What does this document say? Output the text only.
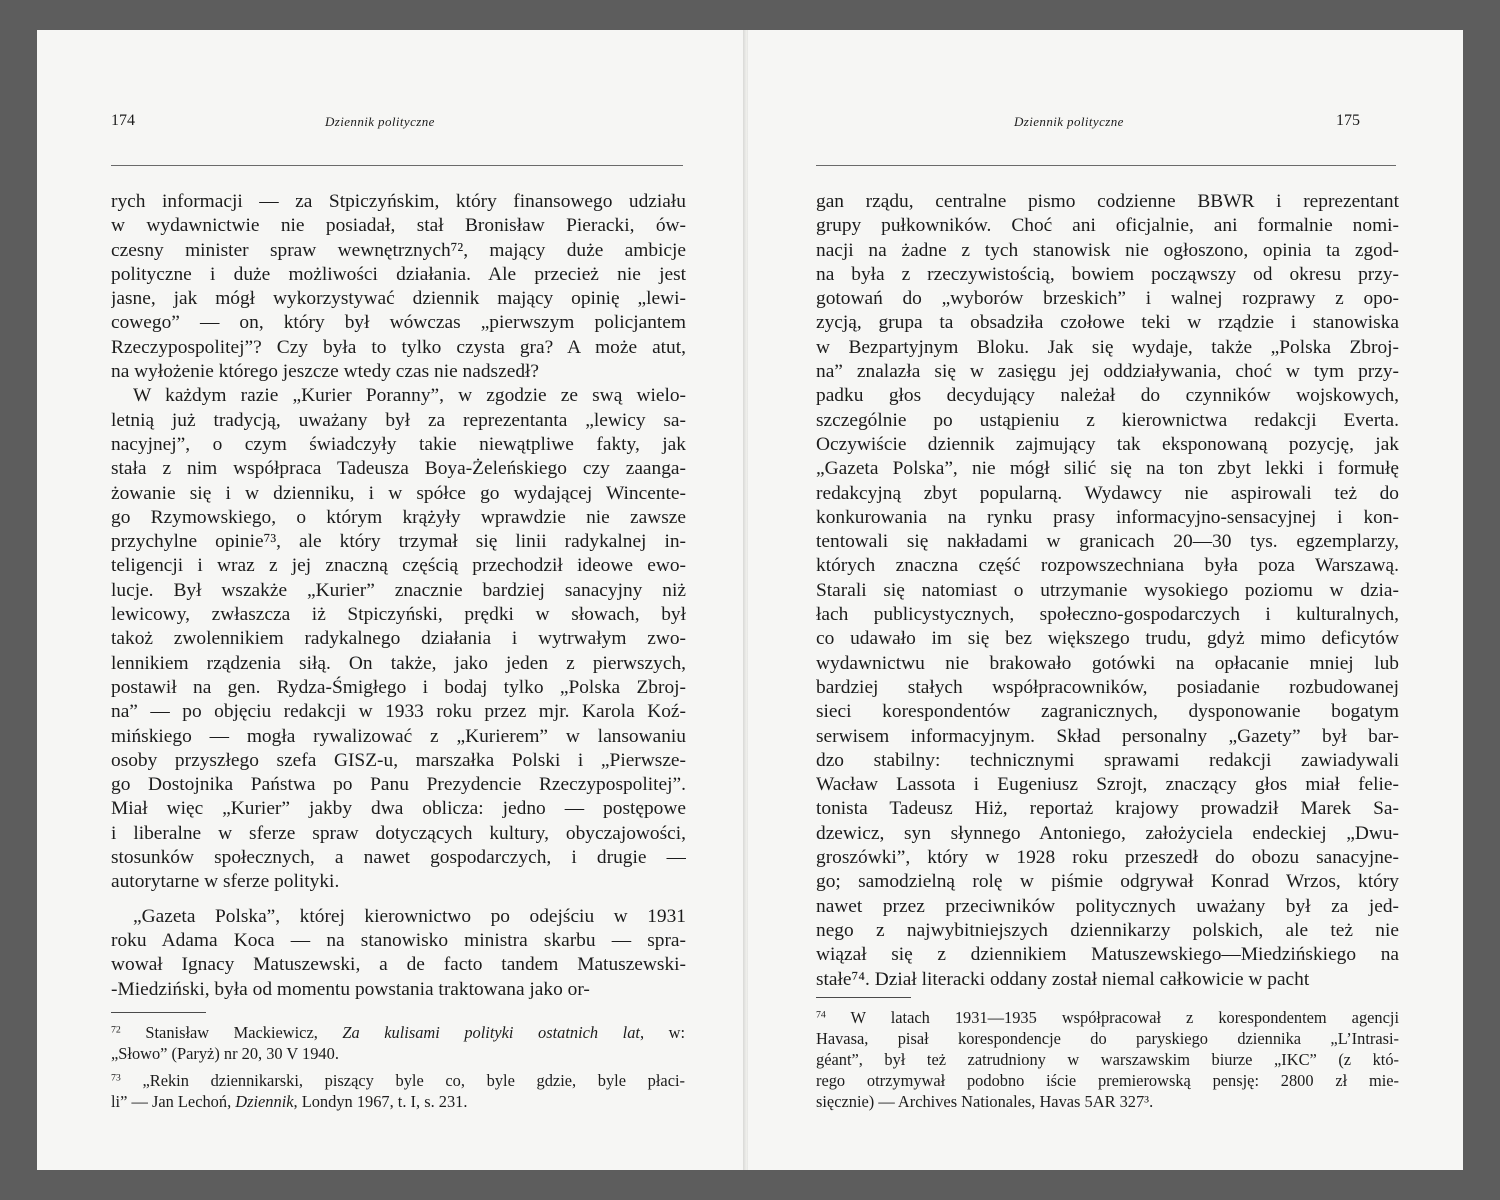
174	Dziennik polityczne
rych informacji — za Stpiczyńskim, który finansowego udziału
w wydawnictwie nie posiadał, stał Bronisław Pieracki, ów-
czesny minister spraw wewnętrznych⁷², mający duże ambicje
polityczne i duże możliwości działania. Ale przecież nie jest
jasne, jak mógł wykorzystywać dziennik mający opinię „lewi-
cowego” — on, który był wówczas „pierwszym policjantem
Rzeczypospolitej”? Czy była to tylko czysta gra? A może atut,
na wyłożenie którego jeszcze wtedy czas nie nadszedł?
W każdym razie „Kurier Poranny”, w zgodzie ze swą wielo-
letnią już tradycją, uważany był za reprezentanta „lewicy sa-
nacyjnej”, o czym świadczyły takie niewątpliwe fakty, jak
stała z nim współpraca Tadeusza Boya-Żeleńskiego czy zaanga-
żowanie się i w dzienniku, i w spółce go wydającej Wincente-
go Rzymowskiego, o którym krążyły wprawdzie nie zawsze
przychylne opinie⁷³, ale który trzymał się linii radykalnej in-
teligencji i wraz z jej znaczną częścią przechodził ideowe ewo-
lucje. Był wszakże „Kurier” znacznie bardziej sanacyjny niż
lewicowy, zwłaszcza iż Stpiczyński, prędki w słowach, był
takoż zwolennikiem radykalnego działania i wytrwałym zwo-
lennikiem rządzenia siłą. On także, jako jeden z pierwszych,
postawił na gen. Rydza-Śmigłego i bodaj tylko „Polska Zbroj-
na” — po objęciu redakcji w 1933 roku przez mjr. Karola Koź-
mińskiego — mogła rywalizować z „Kurierem” w lansowaniu
osoby przyszłego szefa GISZ-u, marszałka Polski i „Pierwsze-
go Dostojnika Państwa po Panu Prezydencie Rzeczypospolitej”.
Miał więc „Kurier” jakby dwa oblicza: jedno — postępowe
i liberalne w sferze spraw dotyczących kultury, obyczajowości,
stosunków społecznych, a nawet gospodarczych, i drugie —
autorytarne w sferze polityki.
„Gazeta Polska”, której kierownictwo po odejściu w 1931
roku Adama Koca — na stanowisko ministra skarbu — spra-
wował Ignacy Matuszewski, a de facto tandem Matuszewski-
-Miedziński, była od momentu powstania traktowana jako or-
$^{72}$ Stanisław Mackiewicz, Za kulisami polityki ostatnich lat, w:
„Słowo” (Paryż) nr 20, 30 V 1940.
$^{73}$ „Rekin dziennikarski, piszący byle co, byle gdzie, byle płaci-
li” — Jan Lechoń, Dziennik, Londyn 1967, t. I, s. 231.
Dziennik polityczne	175
gan rządu, centralne pismo codzienne BBWR i reprezentant
grupy pułkowników. Choć ani oficjalnie, ani formalnie nomi-
nacji na żadne z tych stanowisk nie ogłoszono, opinia ta zgod-
na była z rzeczywistością, bowiem począwszy od okresu przy-
gotowań do „wyborów brzeskich” i walnej rozprawy z opo-
zycją, grupa ta obsadziła czołowe teki w rządzie i stanowiska
w Bezpartyjnym Bloku. Jak się wydaje, także „Polska Zbroj-
na” znalazła się w zasięgu jej oddziaływania, choć w tym przy-
padku głos decydujący należał do czynników wojskowych,
szczególnie po ustąpieniu z kierownictwa redakcji Everta.
Oczywiście dziennik zajmujący tak eksponowaną pozycję, jak
„Gazeta Polska”, nie mógł silić się na ton zbyt lekki i formułę
redakcyjną zbyt popularną. Wydawcy nie aspirowali też do
konkurowania na rynku prasy informacyjno-sensacyjnej i kon-
tentowali się nakładami w granicach 20—30 tys. egzemplarzy,
których znaczna część rozpowszechniana była poza Warszawą.
Starali się natomiast o utrzymanie wysokiego poziomu w dzia-
łach publicystycznych, społeczno-gospodarczych i kulturalnych,
co udawało im się bez większego trudu, gdyż mimo deficytów
wydawnictwu nie brakowało gotówki na opłacanie mniej lub
bardziej stałych współpracowników, posiadanie rozbudowanej
sieci korespondentów zagranicznych, dysponowanie bogatym
serwisem informacyjnym. Skład personalny „Gazety” był bar-
dzo stabilny: technicznymi sprawami redakcji zawiadywali
Wacław Lassota i Eugeniusz Szrojt, znaczący głos miał felie-
tonista Tadeusz Hiż, reportaż krajowy prowadził Marek Sa-
dzewicz, syn słynnego Antoniego, założyciela endeckiej „Dwu-
groszówki”, który w 1928 roku przeszedł do obozu sanacyjne-
go; samodzielną rolę w piśmie odgrywał Konrad Wrzos, który
nawet przez przeciwników politycznych uważany był za jed-
nego z najwybitniejszych dziennikarzy polskich, ale też nie
wiązał się z dziennikiem Matuszewskiego—Miedzińskiego na
stałe⁷⁴. Dział literacki oddany został niemal całkowicie w pacht
$^{74}$ W latach 1931—1935 współpracował z korespondentem agencji
Havasa, pisał korespondencje do paryskiego dziennika „L’Intrasi-
géant”, był też zatrudniony w warszawskim biurze „IKC” (z któ-
rego otrzymywał podobno iście premierowską pensję: 2800 zł mie-
sięcznie) — Archives Nationales, Havas 5AR 327³.
